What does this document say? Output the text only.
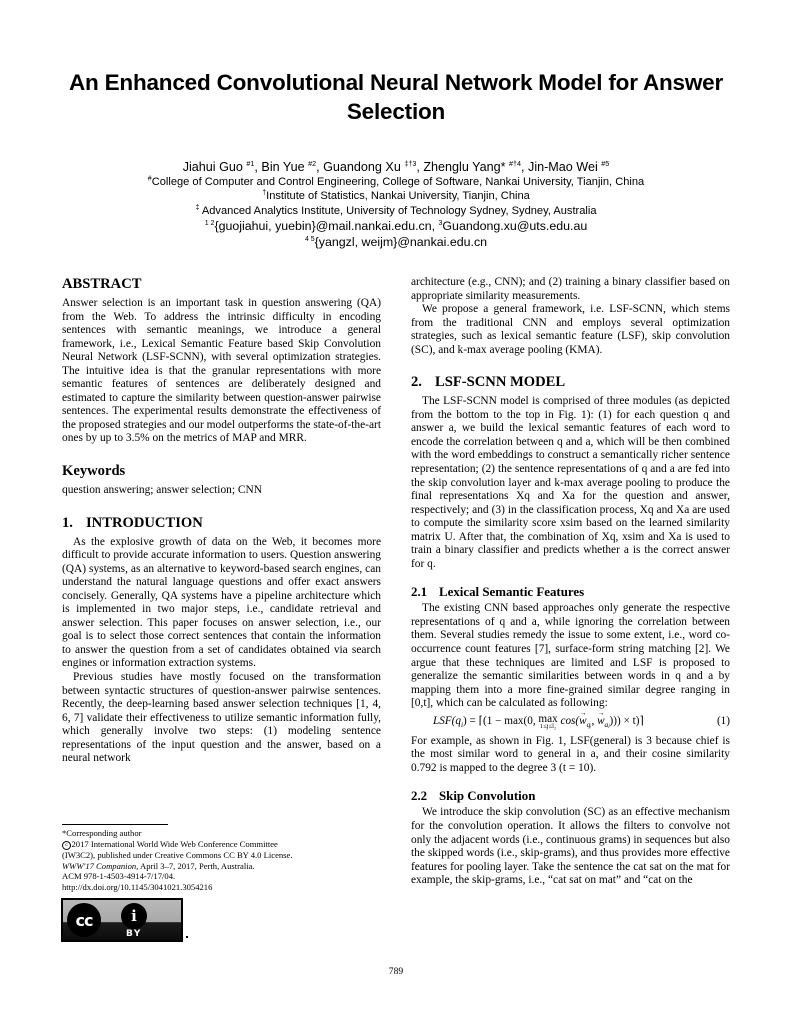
An Enhanced Convolutional Neural Network Model for Answer Selection
Jiahui Guo $^{\#1}$, Bin Yue $^{\#2}$, Guandong Xu $^{\ddagger\dagger 3}$, Zhenglu Yang* $^{\#\dagger 4}$, Jin-Mao Wei $^{\#5}$
#College of Computer and Control Engineering, College of Software, Nankai University, Tianjin, China
†Institute of Statistics, Nankai University, Tianjin, China
‡ Advanced Analytics Institute, University of Technology Sydney, Sydney, Australia
$^{1 2}${guojiahui, yuebin}@mail.nankai.edu.cn, $^3$Guandong.xu@uts.edu.au
$^{4 5}${yangzl, weijm}@nankai.edu.cn
ABSTRACT

Answer selection is an important task in question answering (QA) from the Web. To address the intrinsic difficulty in encoding sentences with semantic meanings, we introduce a general framework, i.e., Lexical Semantic Feature based Skip Convolution Neural Network (LSF-SCNN), with several optimization strategies. The intuitive idea is that the granular representations with more semantic features of sentences are deliberately designed and estimated to capture the similarity between question-answer pairwise sentences. The experimental results demonstrate the effectiveness of the proposed strategies and our model outperforms the state-of-the-art ones by up to 3.5% on the metrics of MAP and MRR.

Keywords

question answering; answer selection; CNN

1. INTRODUCTION

As the explosive growth of data on the Web, it becomes more difficult to provide accurate information to users. Question answering (QA) systems, as an alternative to keyword-based search engines, can understand the natural language questions and offer exact answers concisely. Generally, QA systems have a pipeline architecture which is implemented in two major steps, i.e., candidate retrieval and answer selection. This paper focuses on answer selection, i.e., our goal is to select those correct sentences that contain the information to answer the question from a set of candidates obtained via search engines or information extraction systems.

Previous studies have mostly focused on the transformation between syntactic structures of question-answer pairwise sentences. Recently, the deep-learning based answer selection techniques [1, 4, 6, 7] validate their effectiveness to utilize semantic information fully, which generally involve two steps: (1) modeling sentence representations of the input question and the answer, based on a neural network

architecture (e.g., CNN); and (2) training a binary classifier based on appropriate similarity measurements.

We propose a general framework, i.e. LSF-SCNN, which stems from the traditional CNN and employs several optimization strategies, such as lexical semantic feature (LSF), skip convolution (SC), and k-max average pooling (KMA).

2. LSF-SCNN MODEL

The LSF-SCNN model is comprised of three modules (as depicted from the bottom to the top in Fig. 1): (1) for each question q and answer a, we build the lexical semantic features of each word to encode the correlation between q and a, which will be then combined with the word embeddings to construct a semantically richer sentence representation; (2) the sentence representations of q and a are fed into the skip convolution layer and k-max average pooling to produce the final representations Xq and Xa for the question and answer, respectively; and (3) in the classification process, Xq and Xa are used to compute the similarity score xsim based on the learned similarity matrix U. After that, the combination of Xq, xsim and Xa is used to train a binary classifier and predicts whether a is the correct answer for q.

2.1 Lexical Semantic Features

The existing CNN based approaches only generate the respective representations of q and a, while ignoring the correlation between them. Several studies remedy the issue to some extent, i.e., word co-occurrence count features [7], surface-form string matching [2]. We argue that these techniques are limited and LSF is proposed to generalize the semantic similarities between words in q and a by mapping them into a more fine-grained similar degree ranging in [0,t], which can be calculated as following:

$LSF(q_i)$ = ⌈(1 − max(0, max
1≤j≤l₂ cos(
→
$w_{qᵢ}$,
→
$w_{aⱼ}$))) × t)⌉	(1)

For example, as shown in Fig. 1, LSF(general) is 3 because chief is the most similar word to general in a, and their cosine similarity 0.792 is mapped to the degree 3 (t = 10).

2.2 Skip Convolution

We introduce the skip convolution (SC) as an effective mechanism for the convolution operation. It allows the filters to convolve not only the adjacent words (i.e., continuous grams) in sequences but also the skipped words (i.e., skip-grams), and thus provides more effective features for pooling layer. Take the sentence the cat sat on the mat for example, the skip-grams, i.e., “cat sat on mat” and “cat on the

*Corresponding author
c 2017 International World Wide Web Conference Committee
(IW3C2), published under Creative Commons CC BY 4.0 License.
WWW'17 Companion, April 3–7, 2017, Perth, Australia.
ACM 978-1-4503-4914-7/17/04.
http://dx.doi.org/10.1145/3041021.3054216
cc	i
BY
789
